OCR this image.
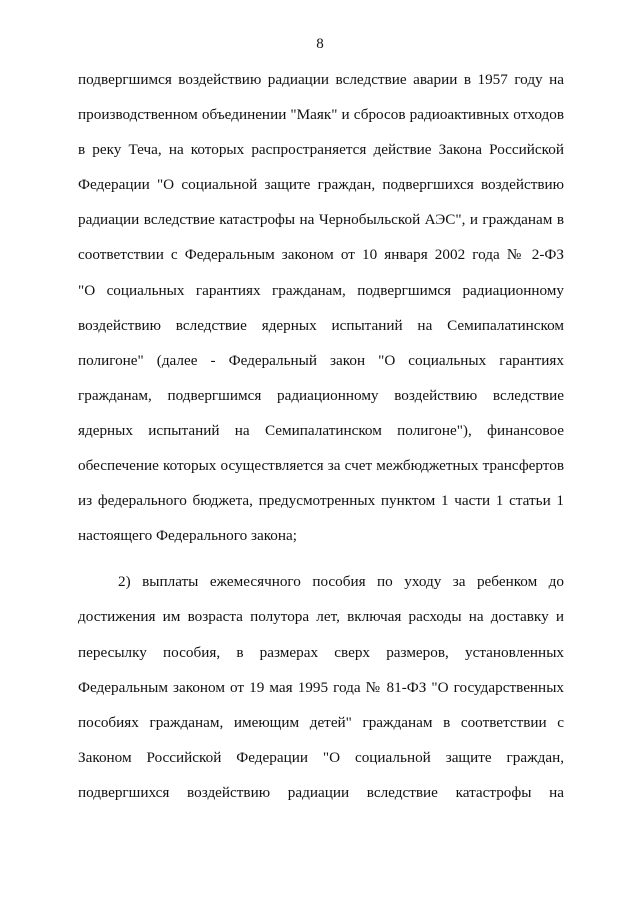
8
подвергшимся воздействию радиации вследствие аварии в 1957 году на
производственном объединении "Маяк" и сбросов радиоактивных отходов
в реку Теча, на которых распространяется действие Закона Российской
Федерации "О социальной защите граждан, подвергшихся воздействию
радиации вследствие катастрофы на Чернобыльской АЭС", и гражданам в
соответствии с Федеральным законом от 10 января 2002 года № 2-ФЗ
"О социальных гарантиях гражданам, подвергшимся радиационному
воздействию вследствие ядерных испытаний на Семипалатинском
полигоне" (далее - Федеральный закон "О социальных гарантиях
гражданам, подвергшимся радиационному воздействию вследствие
ядерных испытаний на Семипалатинском полигоне"), финансовое
обеспечение которых осуществляется за счет межбюджетных трансфертов
из федерального бюджета, предусмотренных пунктом 1 части 1 статьи 1
настоящего Федерального закона;
2) выплаты ежемесячного пособия по уходу за ребенком до
достижения им возраста полутора лет, включая расходы на доставку и
пересылку пособия, в размерах сверх размеров, установленных
Федеральным законом от 19 мая 1995 года № 81-ФЗ "О государственных
пособиях гражданам, имеющим детей" гражданам в соответствии с
Законом Российской Федерации "О социальной защите граждан,
подвергшихся воздействию радиации вследствие катастрофы на
